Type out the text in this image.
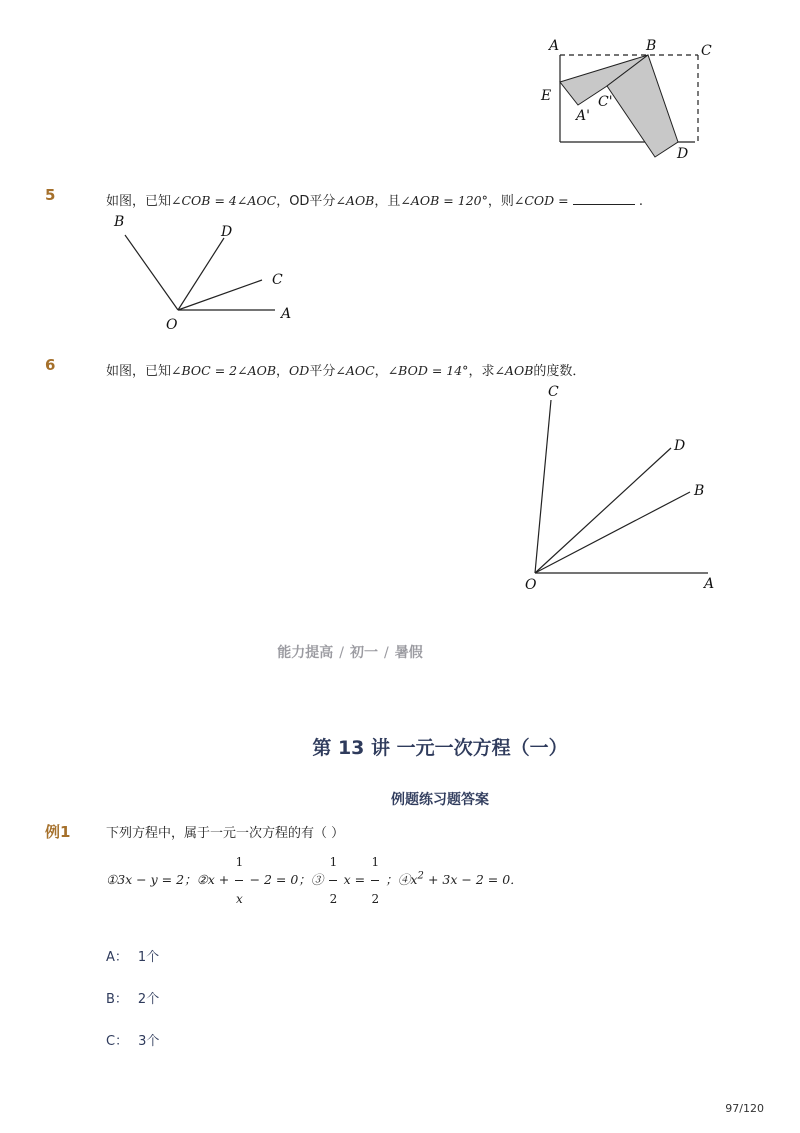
A	B	C
E
A'
C'
D
5	如图，已知∠COB = 4∠AOC，OD平分∠AOB，且∠AOB = 120°，则∠COD =	.
B
D
C
O
A
6	如图，已知∠BOC = 2∠AOB，OD平分∠AOC，∠BOD = 14°，求∠AOB的度数．
C
D
B
O	A
能力提高 / 初一 / 暑假
第 13 讲 一元一次方程（一）
例题练习题答案
例1	下列方程中，属于一元一次方程的有（ ）
①3x − y = 2；②x + $\frac{1}{x} - 2 = 0$；③ $\frac{1}{2}$ $x = \frac{1}{2}$ ；$④x^2 + 3x - 2 = 0$．
A： 1个
B： 2个
C： 3个
97/120
